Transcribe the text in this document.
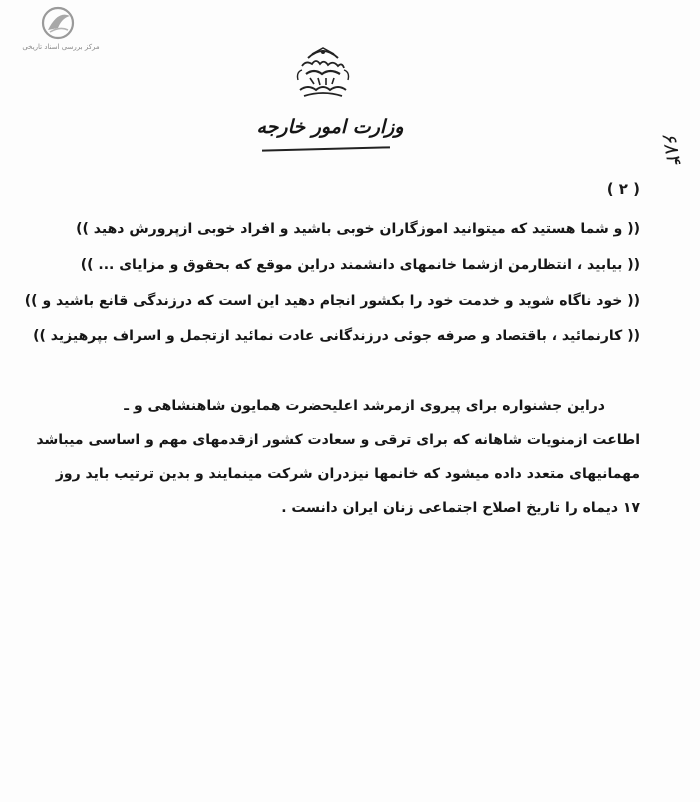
مرکز بررسی اسناد تاریخی
وزارت امور خارجه
۶۸۴
( ۲ )
(( و شما هستید که میتوانید اموزگاران خوبی باشید و افراد خوبی ازپرورش دهید ))
(( بیابید ، انتظارمن ازشما خانمهای دانشمند دراین موقع که بحقوق و مزایای ... ))
(( خود ناگاه شوید و خدمت خود را بکشور انجام دهید این است که درزندگی قانع باشید و ))
(( کارنمائید ، باقتصاد و صرفه جوئی درزندگانی عادت نمائید ازتجمل و اسراف بپرهیزید ))
دراین جشنواره برای پیروی ازمرشد اعلیحضرت همایون شاهنشاهی و ـ
اطاعت ازمنویات شاهانه که برای ترقی و سعادت کشور ازقدمهای مهم و اساسی میباشد
مهمانیهای متعدد داده میشود که خانمها نیزدران شرکت مینمایند و بدین ترتیب باید روز
۱۷ دیماه را تاریخ اصلاح اجتماعی زنان ایران دانست .
